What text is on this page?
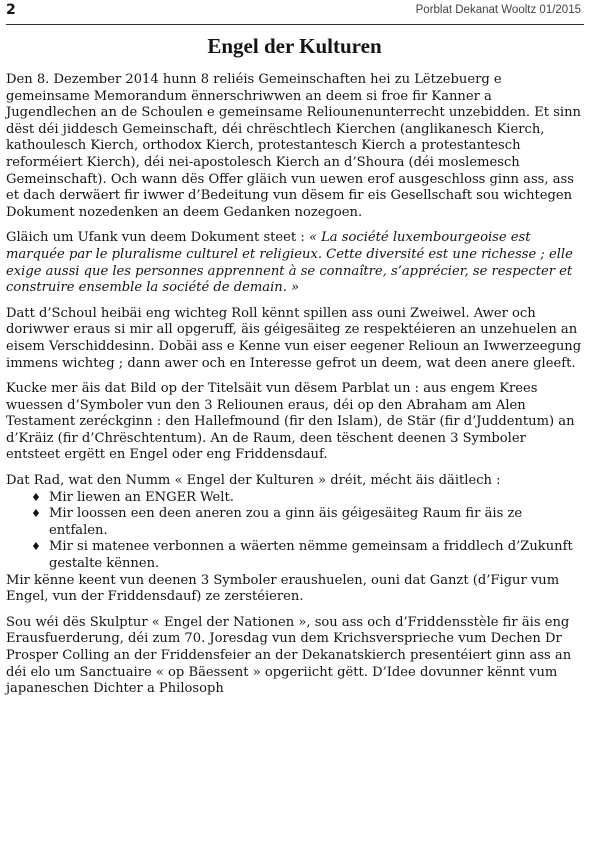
2	Porblat Dekanat Wooltz 01/2015
Engel der Kulturen

Den 8. Dezember 2014 hunn 8 reliéis Gemeinschaften hei zu Lëtzebuerg e gemeinsame Memorandum ënnerschriwwen an deem si froe fir Kanner a Jugendlechen an de Schoulen e gemeinsame Reliounenunterrecht unzebidden. Et sinn dëst déi jiddesch Gemeinschaft, déi chrëschtlech Kierchen (anglikanesch Kierch, kathoulesch Kierch, orthodox Kierch, protestantesch Kierch a protestantesch reforméiert Kierch), déi nei-apostolesch Kierch an d’Shoura (déi moslemesch Gemeinschaft). Och wann dës Offer gläich vun uewen erof ausgeschloss ginn ass, ass et dach derwäert fir iwwer d’Bedeitung vun dësem fir eis Gesellschaft sou wichtegen Dokument nozedenken an deem Gedanken nozegoen.

Gläich um Ufank vun deem Dokument steet : « La société luxembourgeoise est marquée par le pluralisme culturel et religieux. Cette diversité est une richesse ; elle exige aussi que les personnes apprennent à se connaître, s’apprécier, se respecter et construire ensemble la société de demain. »

Datt d’Schoul heibäi eng wichteg Roll kënnt spillen ass ouni Zweiwel. Awer och doriwwer eraus si mir all opgeruff, äis géigesäiteg ze respektéieren an unzehuelen an eisem Verschiddesinn. Dobäi ass e Kenne vun eiser eegener Relioun an Iwwerzeegung immens wichteg ; dann awer och en Interesse gefrot un deem, wat deen anere gleeft.

Kucke mer äis dat Bild op der Titelsäit vun dësem Parblat un : aus engem Krees wuessen d’Symboler vun den 3 Reliounen eraus, déi op den Abraham am Alen Testament zeréckginn : den Hallefmound (fir den Islam), de Stär (fir d’Juddentum) an d’Kräiz (fir d’Chrëschtentum). An de Raum, deen tëschent deenen 3 Symboler entsteet ergëtt en Engel oder eng Friddensdauf.

Dat Rad, wat den Numm « Engel der Kulturen » dréit, mécht äis däitlech :

♦ Mir liewen an ENGER Welt.
♦ Mir loossen een deen aneren zou a ginn äis géigesäiteg Raum fir äis ze entfalen.
♦ Mir si matenee verbonnen a wäerten nëmme gemeinsam a friddlech d’Zukunft gestalte kënnen.

Mir kënne keent vun deenen 3 Symboler eraushuelen, ouni dat Ganzt (d’Figur vum Engel, vun der Friddensdauf) ze zerstéieren.

Sou wéi dës Skulptur « Engel der Nationen », sou ass och d’Friddensstèle fir äis eng Erausfuerderung, déi zum 70. Joresdag vun dem Krichsversprieche vum Dechen Dr Prosper Colling an der Friddensfeier an der Dekanatskierch presentéiert ginn ass an déi elo um Sanctuaire « op Bäessent » opgeriicht gëtt. D’Idee dovunner kënnt vum japaneschen Dichter a Philosoph
